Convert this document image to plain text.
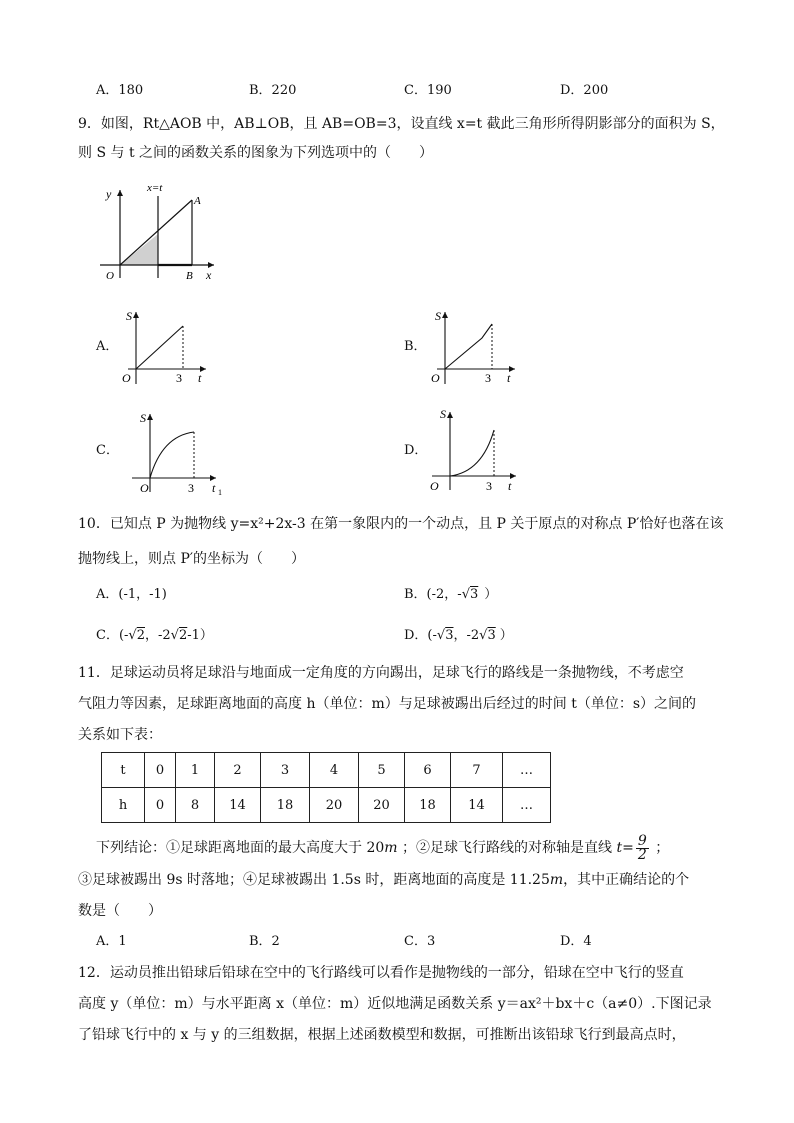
A．180	B．220	C．190	D．200
9．如图，Rt△AOB 中，AB⊥OB，且 AB=OB=3，设直线 x=t 截此三角形所得阴影部分的面积为 S，
则 S 与 t 之间的函数关系的图象为下列选项中的（　　）
y	x=t
A
B
O	x
A．
S
O	3 t
B．
S
O	3 t
C．
S
O	3 t 1
D．
S
O	3 t
10．已知点 P 为抛物线 y=x²+2x-3 在第一象限内的一个动点，且 P 关于原点的对称点 P′恰好也落在该
抛物线上，则点 P′的坐标为（　　）
A．(-1，-1)	B．(-2，-√3 ）
C．(-√2，-2√2-1）	D．(-√3，-2√3 ）
11．足球运动员将足球沿与地面成一定角度的方向踢出，足球飞行的路线是一条抛物线，不考虑空
气阻力等因素，足球距离地面的高度 h（单位：m）与足球被踢出后经过的时间 t（单位：s）之间的
关系如下表：
t	0	1	2	3	4	5	6	7	…
h	0	8	14	18	20	20	18	14	…
下列结论：①足球距离地面的最大高度大于 20m ；②足球飞行路线的对称轴是直线 $t= \frac{9}{2}$ ；
③足球被踢出 9s 时落地；④足球被踢出 1.5s 时，距离地面的高度是 11.25m，其中正确结论的个
数是（　　）
A．1	B．2	C．3	D．4
12．运动员推出铅球后铅球在空中的飞行路线可以看作是抛物线的一部分，铅球在空中飞行的竖直
高度 y（单位：m）与水平距离 x（单位：m）近似地满足函数关系 y＝ax²＋bx＋c（a≠0）.下图记录
了铅球飞行中的 x 与 y 的三组数据，根据上述函数模型和数据，可推断出该铅球飞行到最高点时，
